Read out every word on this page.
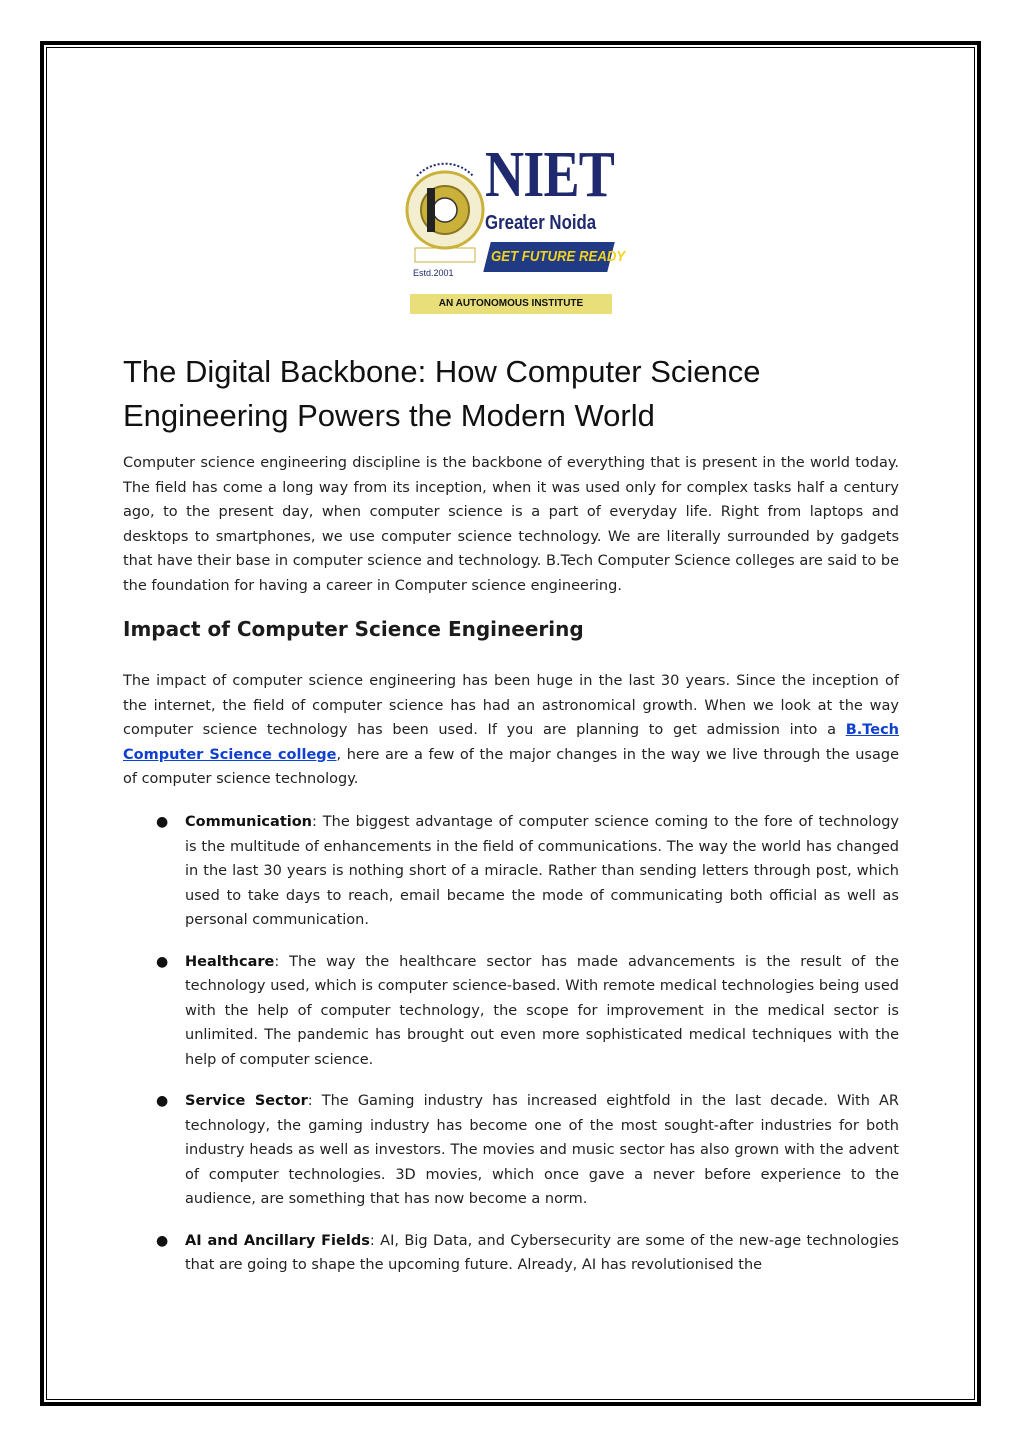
NIET
Greater Noida
GET FUTURE READY
Estd.2001
AN AUTONOMOUS INSTITUTE
The Digital Backbone: How Computer Science Engineering Powers the Modern World

Computer science engineering discipline is the backbone of everything that is present in the world today. The field has come a long way from its inception, when it was used only for complex tasks half a century ago, to the present day, when computer science is a part of everyday life. Right from laptops and desktops to smartphones, we use computer science technology. We are literally surrounded by gadgets that have their base in computer science and technology. B.Tech Computer Science colleges are said to be the foundation for having a career in Computer science engineering.

Impact of Computer Science Engineering

The impact of computer science engineering has been huge in the last 30 years. Since the inception of the internet, the field of computer science has had an astronomical growth. When we look at the way computer science technology has been used. If you are planning to get admission into a B.Tech Computer Science college, here are a few of the major changes in the way we live through the usage of computer science technology.

● Communication: The biggest advantage of computer science coming to the fore of technology is the multitude of enhancements in the field of communications. The way the world has changed in the last 30 years is nothing short of a miracle. Rather than sending letters through post, which used to take days to reach, email became the mode of communicating both official as well as personal communication.
● Healthcare: The way the healthcare sector has made advancements is the result of the technology used, which is computer science-based. With remote medical technologies being used with the help of computer technology, the scope for improvement in the medical sector is unlimited. The pandemic has brought out even more sophisticated medical techniques with the help of computer science.
● Service Sector: The Gaming industry has increased eightfold in the last decade. With AR technology, the gaming industry has become one of the most sought-after industries for both industry heads as well as investors. The movies and music sector has also grown with the advent of computer technologies. 3D movies, which once gave a never before experience to the audience, are something that has now become a norm.
● AI and Ancillary Fields: AI, Big Data, and Cybersecurity are some of the new-age technologies that are going to shape the upcoming future. Already, AI has revolutionised the
